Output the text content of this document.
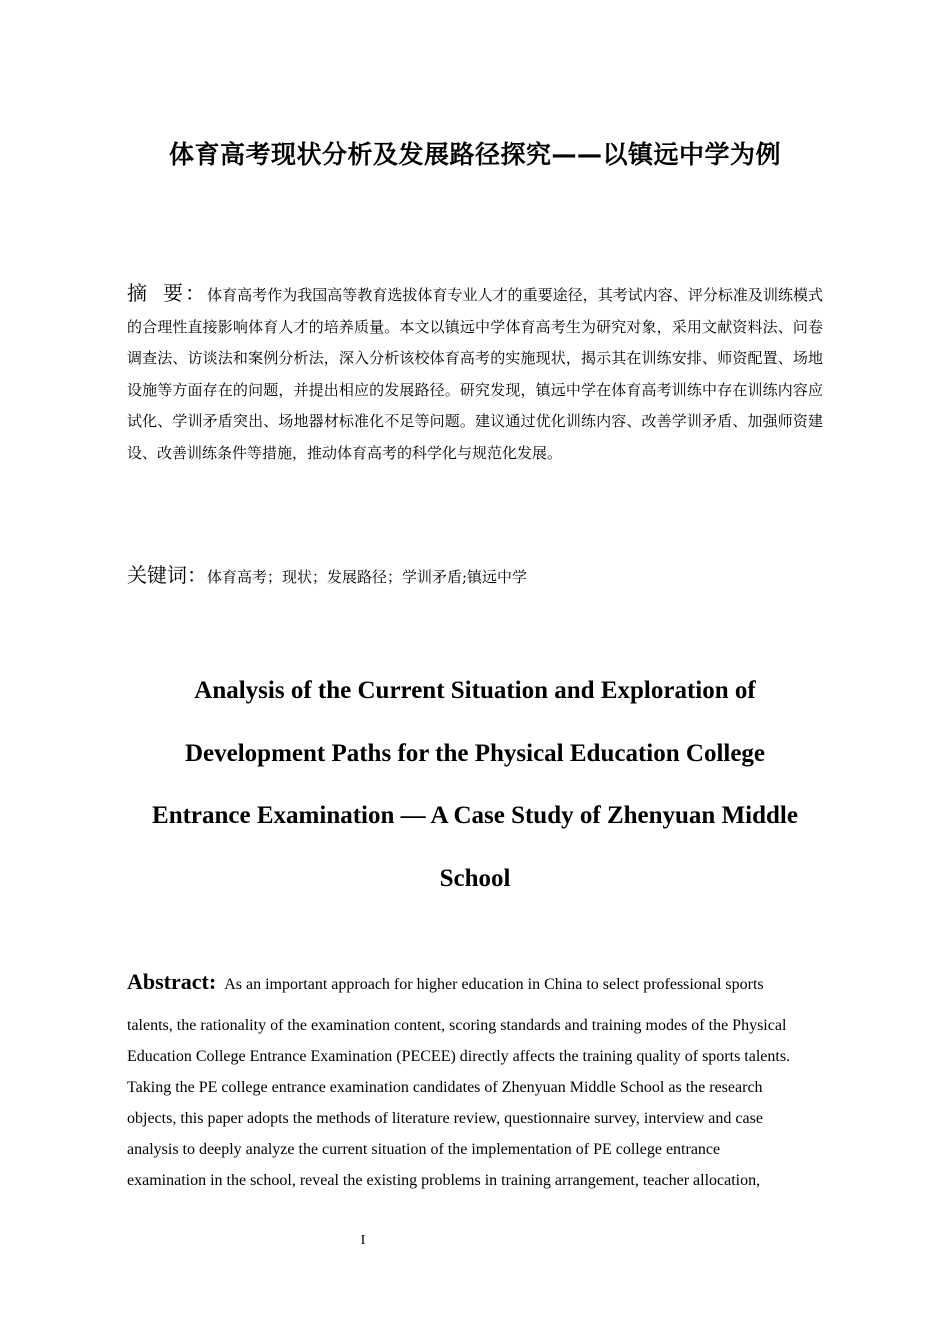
体育高考现状分析及发展路径探究——以镇远中学为例
摘 要：体育高考作为我国高等教育选拔体育专业人才的重要途径，其考试内容、评分标准及训练模式的合理性直接影响体育人才的培养质量。本文以镇远中学体育高考生为研究对象，采用文献资料法、问卷调查法、访谈法和案例分析法，深入分析该校体育高考的实施现状，揭示其在训练安排、师资配置、场地设施等方面存在的问题，并提出相应的发展路径。研究发现，镇远中学在体育高考训练中存在训练内容应试化、学训矛盾突出、场地器材标准化不足等问题。建议通过优化训练内容、改善学训矛盾、加强师资建设、改善训练条件等措施，推动体育高考的科学化与规范化发展。
关键词：体育高考；现状；发展路径；学训矛盾;镇远中学
Analysis of the Current Situation and Exploration of
Development Paths for the Physical Education College
Entrance Examination — A Case Study of Zhenyuan Middle
School
Abstract: As an important approach for higher education in China to select professional sports
talents, the rationality of the examination content, scoring standards and training modes of the Physical
Education College Entrance Examination (PECEE) directly affects the training quality of sports talents.
Taking the PE college entrance examination candidates of Zhenyuan Middle School as the research
objects, this paper adopts the methods of literature review, questionnaire survey, interview and case
analysis to deeply analyze the current situation of the implementation of PE college entrance
examination in the school, reveal the existing problems in training arrangement, teacher allocation,
I
